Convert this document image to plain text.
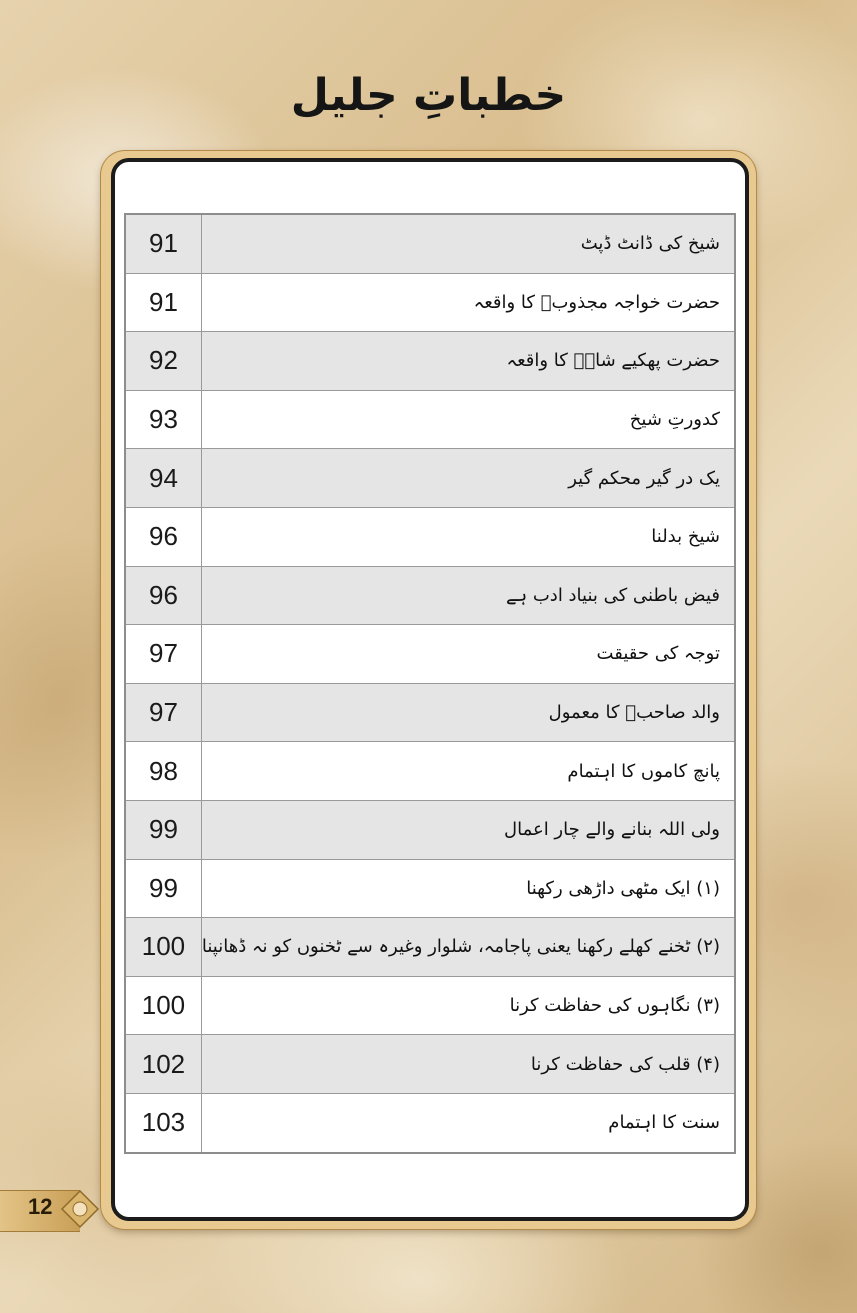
خطباتِ جلیل
91	شیخ کی ڈانٹ ڈپٹ
91	حضرت خواجہ مجذوبؒ کا واقعہ
92	حضرت پھکیے شاہؒ کا واقعہ
93	کدورتِ شیخ
94	یک در گیر محکم گیر
96	شیخ بدلنا
96	فیض باطنی کی بنیاد ادب ہے
97	توجہ کی حقیقت
97	والد صاحبؒ کا معمول
98	پانچ کاموں کا اہتمام
99	ولی اللہ بنانے والے چار اعمال
99	(۱) ایک مٹھی داڑھی رکھنا
100	(۲) ٹخنے کھلے رکھنا یعنی پاجامہ، شلوار وغیرہ سے ٹخنوں کو نہ ڈھانپنا
100	(۳) نگاہوں کی حفاظت کرنا
102	(۴) قلب کی حفاظت کرنا
103	سنت کا اہتمام
12
